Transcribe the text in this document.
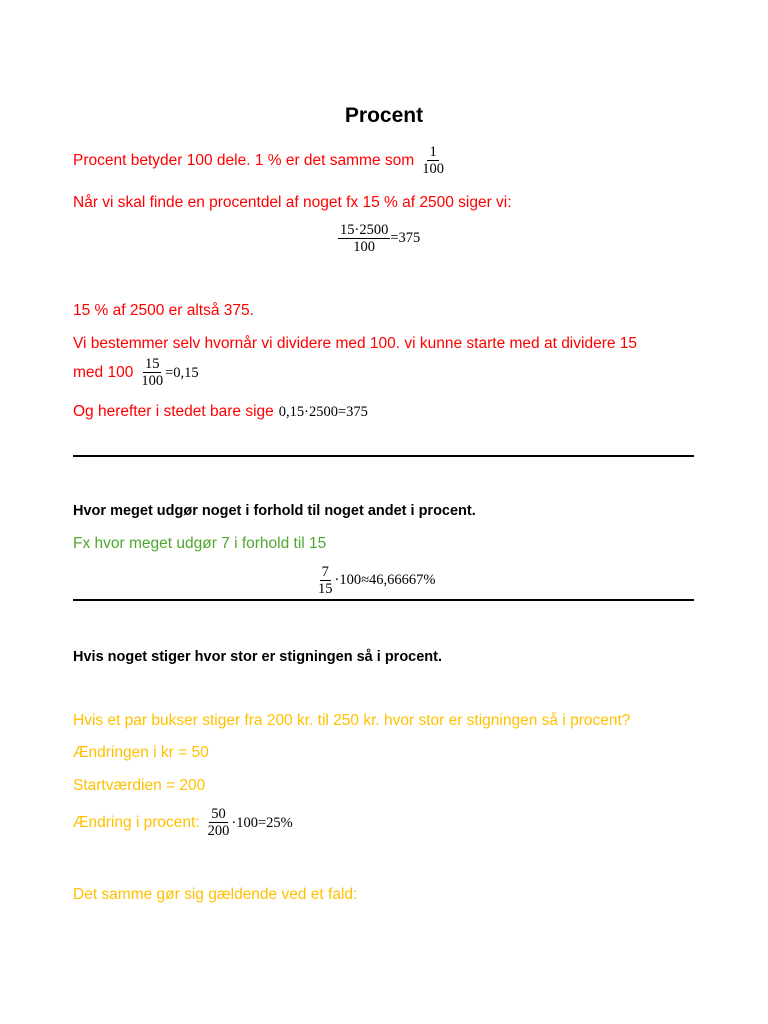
Procent
Procent betyder 100 dele. 1 % er det samme som $\frac{1}{100}$
Når vi skal finde en procentdel af noget fx 15 % af 2500 siger vi:
$\frac{15\cdot 2500}{100} =375$
15 % af 2500 er altså 375.
Vi bestemmer selv hvornår vi dividere med 100. vi kunne starte med at dividere 15
med $100 \frac{15}{100} =0,15$
Og herefter i stedet bare sige 0,15·2500=375
Hvor meget udgør noget i forhold til noget andet i procent.
Fx hvor meget udgør 7 i forhold til 15
$\frac{7}{15} \cdot 100\approx 46,66667\%$
Hvis noget stiger hvor stor er stigningen så i procent.
Hvis et par bukser stiger fra 200 kr. til 250 kr. hvor stor er stigningen så i procent?
Ændringen i kr = 50
Startværdien = 200
Ændring i procent: $\frac{50}{200} \cdot 100=25\%$
Det samme gør sig gældende ved et fald:
